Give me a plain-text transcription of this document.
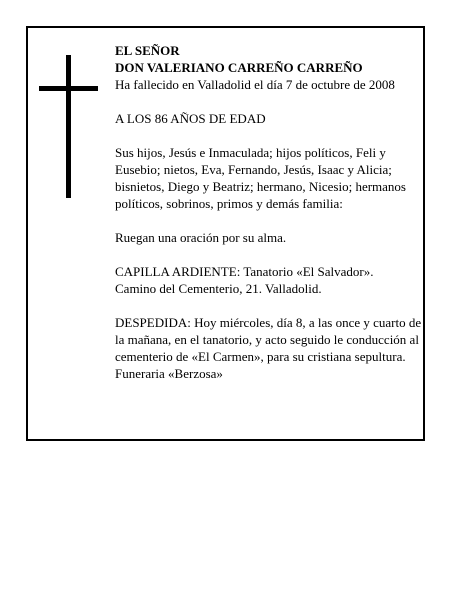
EL SEÑOR

DON VALERIANO CARREÑO CARREÑO

Ha fallecido en Valladolid el día 7 de octubre de 2008

A LOS 86 AÑOS DE EDAD

Sus hijos, Jesús e Inmaculada; hijos políticos, Feli y Eusebio; nietos, Eva, Fernando, Jesús, Isaac y Alicia; bisnietos, Diego y Beatriz; hermano, Nicesio; hermanos políticos, sobrinos, primos y demás familia:

Ruegan una oración por su alma.

CAPILLA ARDIENTE: Tanatorio «El Salvador».

Camino del Cementerio, 21. Valladolid.

DESPEDIDA: Hoy miércoles, día 8, a las once y cuarto de la mañana, en el tanatorio, y acto seguido le conducción al cementerio de «El Carmen», para su cristiana sepultura.

Funeraria «Berzosa»
